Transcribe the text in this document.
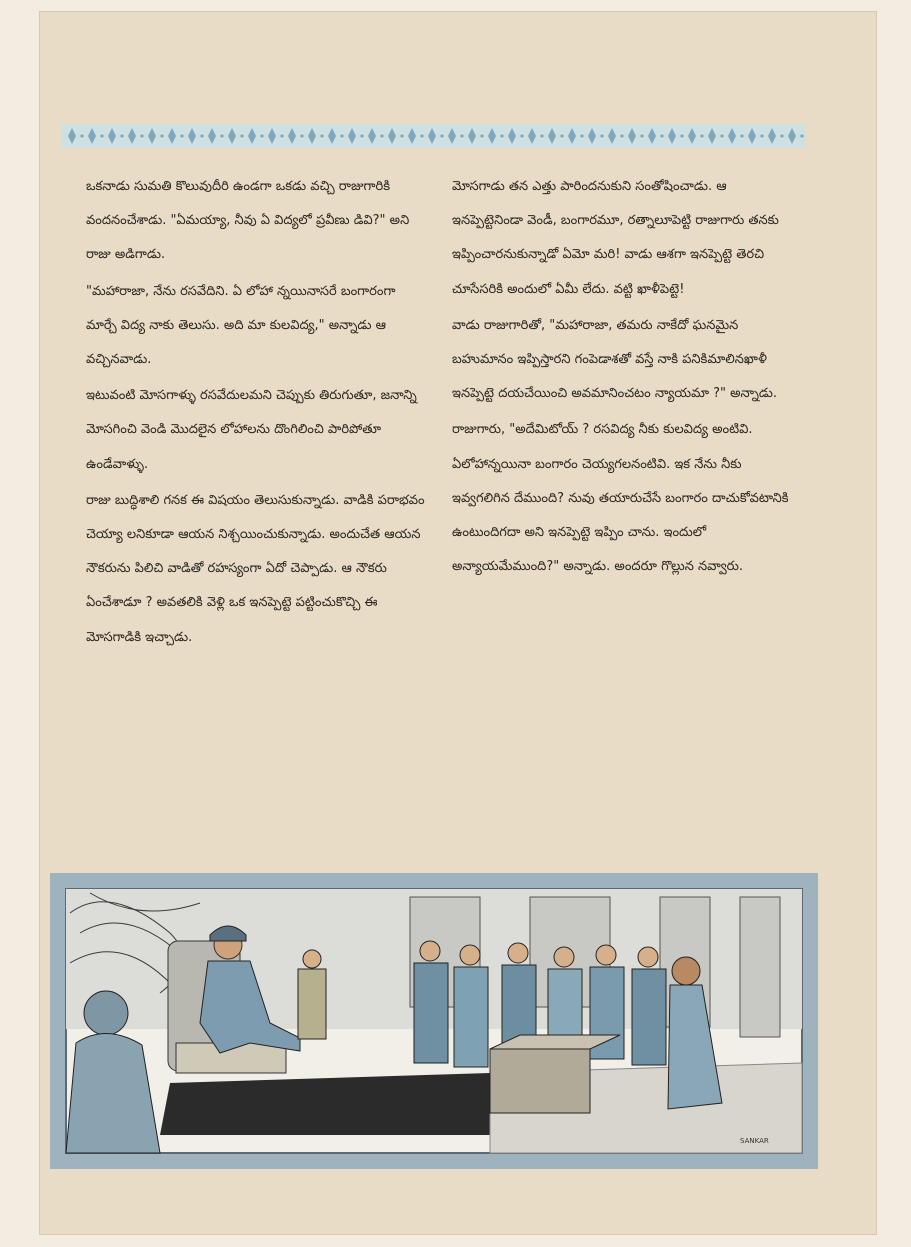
ఒకనాడు సుమతి కొలువుదీరి ఉండగా ఒకడు వచ్చి రాజుగారికి వందనంచేశాడు. "ఏమయ్యా, నీవు ఏ విద్యలో ప్రవీణు డివి?" అని రాజు అడిగాడు.

"మహారాజా, నేను రసవేదిని. ఏ లోహా న్నయినాసరే బంగారంగా మార్చే విద్య నాకు తెలుసు. అది మా కులవిద్య," అన్నాడు ఆ వచ్చినవాడు.

ఇటువంటి మోసగాళ్ళు రసవేదులమని చెప్పుకు తిరుగుతూ, జనాన్ని మోసగించి వెండి మొదలైన లోహాలను దొంగిలించి పారిపోతూ ఉండేవాళ్ళు.

రాజు బుద్ధిశాలి గనక ఈ విషయం తెలుసుకున్నాడు. వాడికి పరాభవం చెయ్యా లనికూడా ఆయన నిశ్చయించుకున్నాడు. అందుచేత ఆయన నౌకరును పిలిచి వాడితో రహస్యంగా ఏదో చెప్పాడు. ఆ నౌకరు ఏంచేశాడూ ? అవతలికి వెళ్లి ఒక ఇనప్పెట్టె పట్టించుకొచ్చి ఈ మోసగాడికి ఇచ్చాడు.

మోసగాడు తన ఎత్తు పారిందనుకుని సంతోషించాడు. ఆ ఇనప్పెట్టెనిండా వెండీ, బంగారమూ, రత్నాలూపెట్టి రాజుగారు తనకు ఇప్పించారనుకున్నాడో ఏమో మరి! వాడు ఆశగా ఇనప్పెట్టె తెరచి చూసేసరికి అందులో ఏమీ లేదు. వట్టి ఖాళీపెట్టె!

వాడు రాజుగారితో, "మహారాజా, తమరు నాకేదో ఘనమైన బహుమానం ఇప్పిస్తారని గంపెడాశతో వస్తే నాకి పనికిమాలినఖాళీ ఇనప్పెట్టె దయచేయించి అవమానించటం న్యాయమా ?" అన్నాడు.

రాజుగారు, "అదేమిటోయ్ ? రసవిద్య నీకు కులవిద్య అంటివి. ఏలోహాన్నయినా బంగారం చెయ్యగలనంటివి. ఇక నేను నీకు ఇవ్వగలిగిన దేముంది? నువు తయారుచేసే బంగారం దాచుకోవటానికి ఉంటుందిగదా అని ఇనప్పెట్టె ఇప్పిం చాను. ఇందులో అన్యాయమేముంది?" అన్నాడు. అందరూ గొల్లున నవ్వారు.

SANKAR
